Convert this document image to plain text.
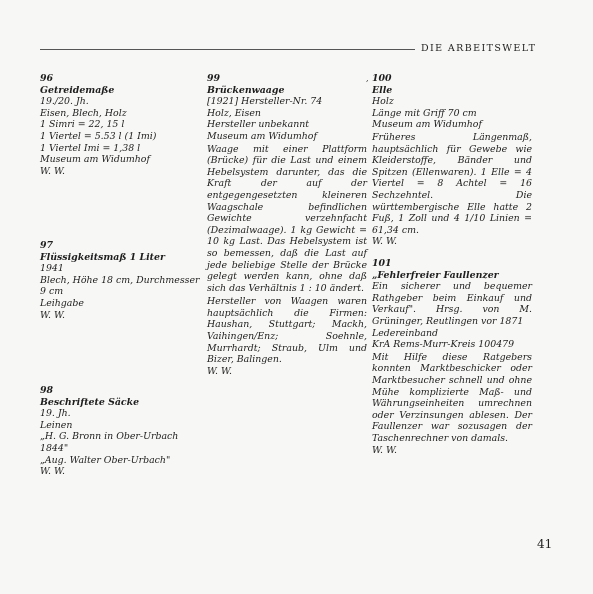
DIE ARBEITSWELT
,
96
Getreidemaße
19./20. Jh.
Eisen, Blech, Holz
1 Simri = 22, 15 l
1 Viertel = 5.53 l (1 Imi)
1 Viertel Imi = 1,38 l
Museum am Widumhof
W. W.
97
Flüssigkeitsmaß 1 Liter
1941
Blech, Höhe 18 cm, Durchmesser
9 cm
Leihgabe
W. W.
98
Beschriftete Säcke
19. Jh.
Leinen
„H. G. Bronn in Ober-Urbach
1844"
„Aug. Walter Ober-Urbach"
W. W.
99
Brückenwaage
[1921] Hersteller-Nr. 74
Holz, Eisen
Hersteller unbekannt
Museum am Widumhof
Waage mit einer Plattform (Brücke) für die Last und einem Hebelsystem darunter, das die Kraft der auf der entgegengesetzten kleineren Waagschale befindlichen Gewichte verzehnfacht (Dezimalwaage). 1 kg Gewicht = 10 kg Last. Das Hebelsystem ist so bemessen, daß die Last auf jede beliebige Stelle der Brücke gelegt werden kann, ohne daß sich das Verhältnis 1 : 10 ändert.
Hersteller von Waagen waren hauptsächlich die Firmen: Haushan, Stuttgart; Mackh, Vaihingen/Enz; Soehnle, Murrhardt; Straub, Ulm und Bizer, Balingen.
W. W.
100
Elle
Holz
Länge mit Griff 70 cm
Museum am Widumhof
Früheres Längenmaß, hauptsächlich für Gewebe wie Kleiderstoffe, Bänder und Spitzen (Ellenwaren). 1 Elle = 4 Viertel = 8 Achtel = 16 Sechzehntel. Die württembergische Elle hatte 2 Fuß, 1 Zoll und 4 1/10 Linien = 61,34 cm.
W. W.
101
„Fehlerfreier Faullenzer
Ein sicherer und bequemer Rathgeber beim Einkauf und Verkauf". Hrsg. von M. Grüninger, Reutlingen vor 1871
Ledereinband
KrA Rems-Murr-Kreis 100479
Mit Hilfe diese Ratgebers konnten Marktbeschicker oder Marktbesucher schnell und ohne Mühe komplizierte Maß- und Währungseinheiten umrechnen oder Verzinsungen ablesen. Der Faullenzer war sozusagen der Taschenrechner von damals.
W. W.
41
